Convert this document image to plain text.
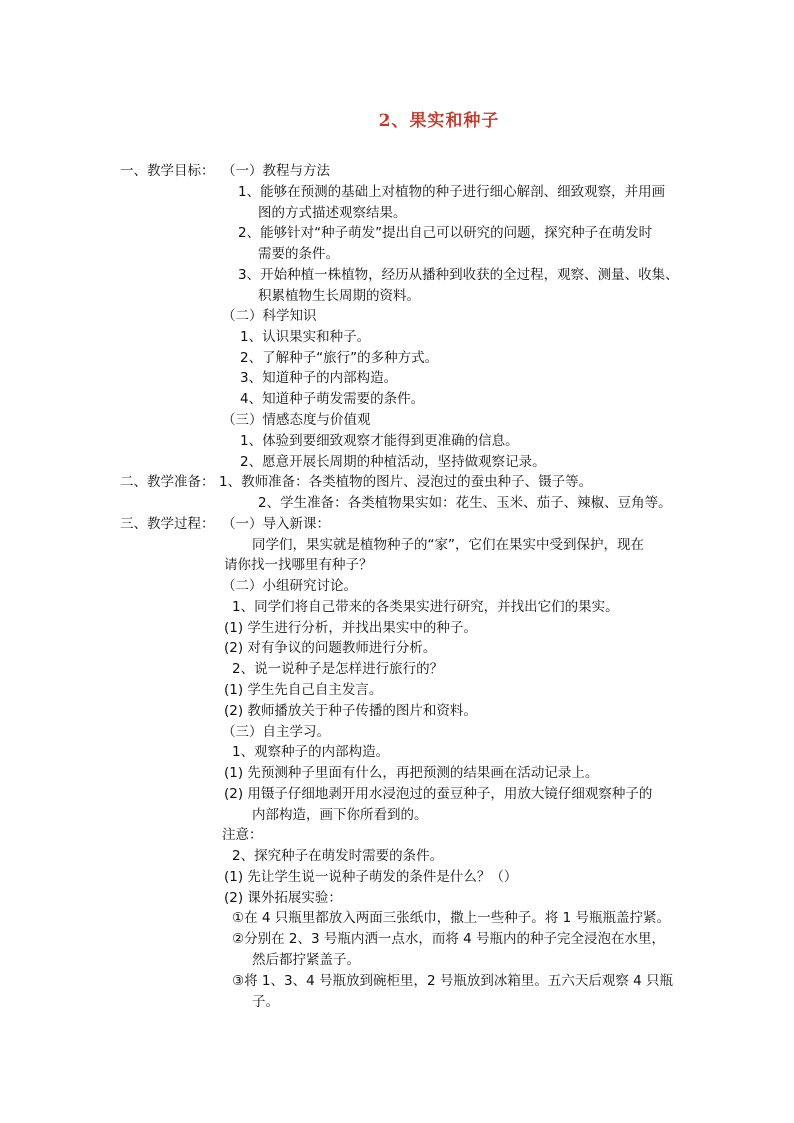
2、果实和种子
一、教学目标： （一）教程与方法
1、能够在预测的基础上对植物的种子进行细心解剖、细致观察，并用画
图的方式描述观察结果。
2、能够针对“种子萌发”提出自己可以研究的问题，探究种子在萌发时
需要的条件。
3、开始种植一株植物，经历从播种到收获的全过程，观察、测量、收集、
积累植物生长周期的资料。
（二）科学知识
1、认识果实和种子。
2、了解种子“旅行”的多种方式。
3、知道种子的内部构造。
4、知道种子萌发需要的条件。
（三）情感态度与价值观
1、体验到要细致观察才能得到更准确的信息。
2、愿意开展长周期的种植活动，坚持做观察记录。
二、教学准备： 1、教师准备：各类植物的图片、浸泡过的蚕虫种子、镊子等。
2、学生准备：各类植物果实如：花生、玉米、茄子、辣椒、豆角等。
三、教学过程： （一）导入新课：
同学们，果实就是植物种子的“家”，它们在果实中受到保护，现在
请你找一找哪里有种子？
（二）小组研究讨论。
1、同学们将自己带来的各类果实进行研究，并找出它们的果实。
(1) 学生进行分析，并找出果实中的种子。
(2) 对有争议的问题教师进行分析。
2、说一说种子是怎样进行旅行的？
(1) 学生先自己自主发言。
(2) 教师播放关于种子传播的图片和资料。
（三）自主学习。
1、观察种子的内部构造。
(1) 先预测种子里面有什么，再把预测的结果画在活动记录上。
(2) 用镊子仔细地剥开用水浸泡过的蚕豆种子，用放大镜仔细观察种子的
内部构造，画下你所看到的。
注意：
2、探究种子在萌发时需要的条件。
(1) 先让学生说一说种子萌发的条件是什么？（）
(2) 课外拓展实验：
①在 4 只瓶里都放入两面三张纸巾，撒上一些种子。将 1 号瓶瓶盖拧紧。
②分别在 2、3 号瓶内洒一点水，而将 4 号瓶内的种子完全浸泡在水里，
然后都拧紧盖子。
③将 1、3、4 号瓶放到碗柜里，2 号瓶放到冰箱里。五六天后观察 4 只瓶
子。
